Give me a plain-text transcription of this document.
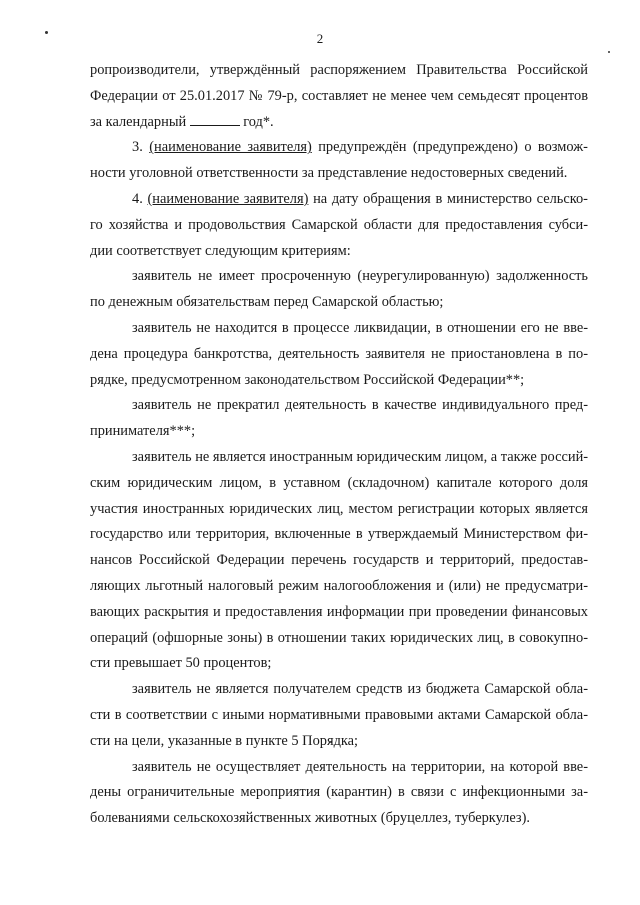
2
ропроизводители, утверждённый распоряжением Правительства Российской
Федерации от 25.01.2017 № 79-р, составляет не менее чем семьдесят процентов
за календарный	год*.
3. (наименование заявителя) предупреждён (предупреждено) о возмож-
ности уголовной ответственности за представление недостоверных сведений.
4. (наименование заявителя) на дату обращения в министерство сельско-
го хозяйства и продовольствия Самарской области для предоставления субси-
дии соответствует следующим критериям:
заявитель не имеет просроченную (неурегулированную) задолженность
по денежным обязательствам перед Самарской областью;
заявитель не находится в процессе ликвидации, в отношении его не вве-
дена процедура банкротства, деятельность заявителя не приостановлена в по-
рядке, предусмотренном законодательством Российской Федерации**;
заявитель не прекратил деятельность в качестве индивидуального пред-
принимателя***;
заявитель не является иностранным юридическим лицом, а также россий-
ским юридическим лицом, в уставном (складочном) капитале которого доля
участия иностранных юридических лиц, местом регистрации которых является
государство или территория, включенные в утверждаемый Министерством фи-
нансов Российской Федерации перечень государств и территорий, предостав-
ляющих льготный налоговый режим налогообложения и (или) не предусматри-
вающих раскрытия и предоставления информации при проведении финансовых
операций (офшорные зоны) в отношении таких юридических лиц, в совокупно-
сти превышает 50 процентов;
заявитель не является получателем средств из бюджета Самарской обла-
сти в соответствии с иными нормативными правовыми актами Самарской обла-
сти на цели, указанные в пункте 5 Порядка;
заявитель не осуществляет деятельность на территории, на которой вве-
дены ограничительные мероприятия (карантин) в связи с инфекционными за-
болеваниями сельскохозяйственных животных (бруцеллез, туберкулез).
